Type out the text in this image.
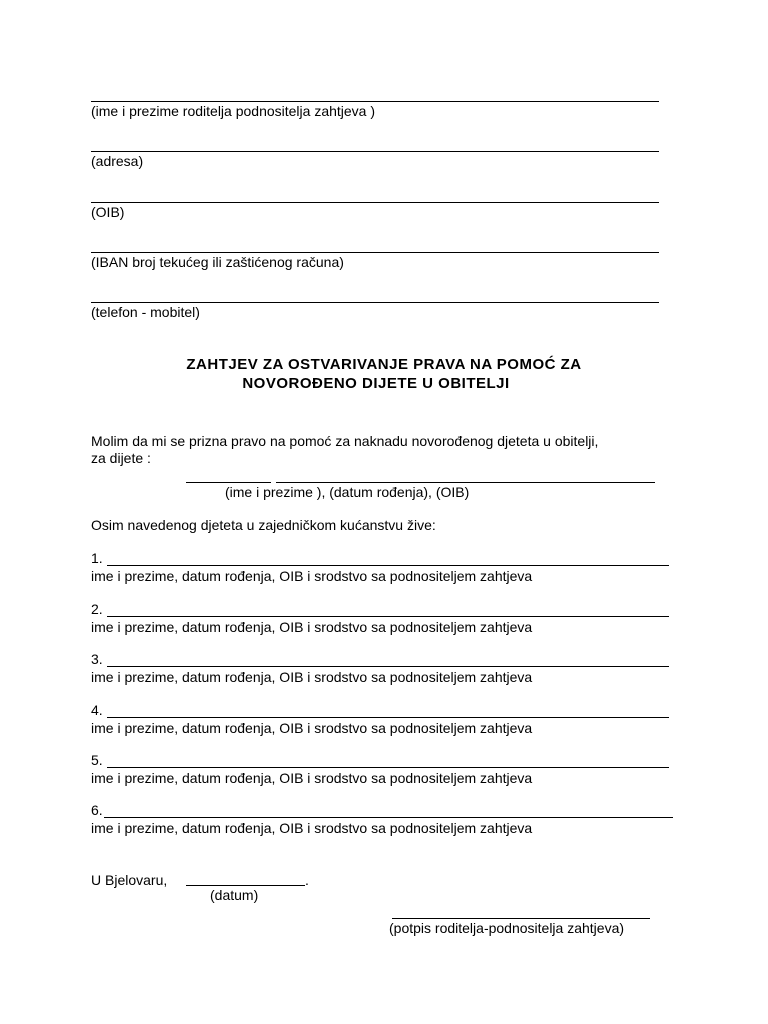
(ime i prezime roditelja podnositelja zahtjeva )
(adresa)
(OIB)
(IBAN broj tekućeg ili zaštićenog računa)
(telefon - mobitel)
ZAHTJEV ZA OSTVARIVANJE PRAVA NA POMOĆ ZA
NOVOROĐENO DIJETE U OBITELJI
Molim da mi se prizna pravo na pomoć za naknadu novorođenog djeteta u obitelji,
za dijete :
(ime i prezime ), (datum rođenja), (OIB)
Osim navedenog djeteta u zajedničkom kućanstvu žive:
1.
ime i prezime, datum rođenja, OIB i srodstvo sa podnositeljem zahtjeva
2.
ime i prezime, datum rođenja, OIB i srodstvo sa podnositeljem zahtjeva
3.
ime i prezime, datum rođenja, OIB i srodstvo sa podnositeljem zahtjeva
4.
ime i prezime, datum rođenja, OIB i srodstvo sa podnositeljem zahtjeva
5.
ime i prezime, datum rođenja, OIB i srodstvo sa podnositeljem zahtjeva
6.
ime i prezime, datum rođenja, OIB i srodstvo sa podnositeljem zahtjeva
U Bjelovaru,	.
(datum)
(potpis roditelja-podnositelja zahtjeva)
